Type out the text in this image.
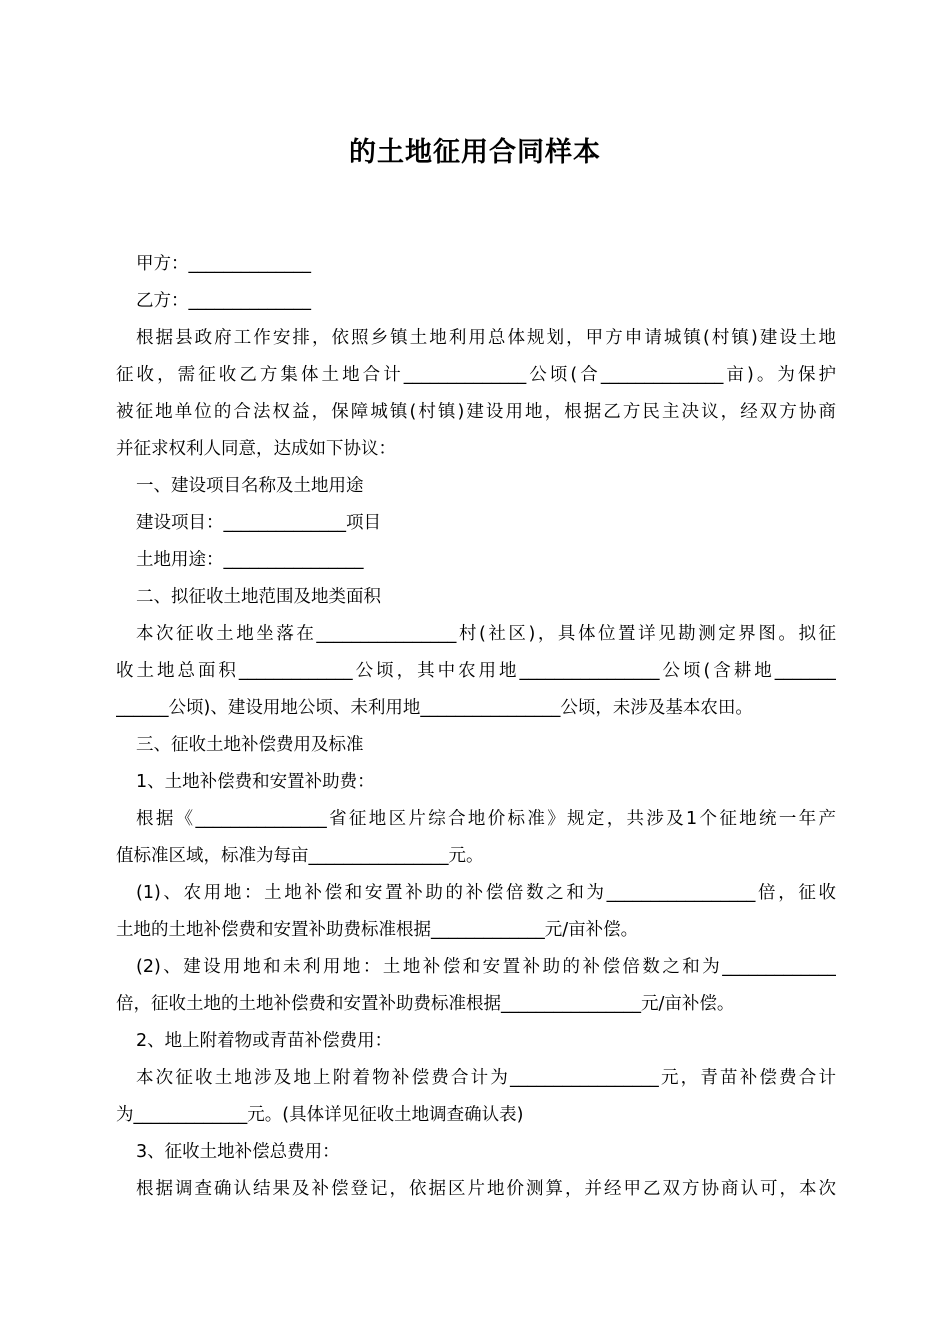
的土地征用合同样本
甲方：______________
乙方：______________
根据县政府工作安排，依照乡镇土地利用总体规划，甲方申请城镇(村镇)建设土地
征收，需征收乙方集体土地合计______________公顷(合______________亩)。为保护
被征地单位的合法权益，保障城镇(村镇)建设用地，根据乙方民主决议，经双方协商
并征求权利人同意，达成如下协议：
一、建设项目名称及土地用途
建设项目：______________项目
土地用途：________________
二、拟征收土地范围及地类面积
本次征收土地坐落在________________村(社区)，具体位置详见勘测定界图。拟征
收土地总面积_____________公顷，其中农用地________________公顷(含耕地_______
______公顷)、建设用地公顷、未利用地________________公顷，未涉及基本农田。
三、征收土地补偿费用及标准
1、土地补偿费和安置补助费：
根据《_______________省征地区片综合地价标准》规定，共涉及1个征地统一年产
值标准区域，标准为每亩________________元。
(1)、农用地：土地补偿和安置补助的补偿倍数之和为_________________倍，征收
土地的土地补偿费和安置补助费标准根据_____________元/亩补偿。
(2)、建设用地和未利用地：土地补偿和安置补助的补偿倍数之和为_____________
倍，征收土地的土地补偿费和安置补助费标准根据________________元/亩补偿。
2、地上附着物或青苗补偿费用：
本次征收土地涉及地上附着物补偿费合计为_________________元，青苗补偿费合计
为_____________元。(具体详见征收土地调查确认表)
3、征收土地补偿总费用：
根据调查确认结果及补偿登记，依据区片地价测算，并经甲乙双方协商认可，本次
